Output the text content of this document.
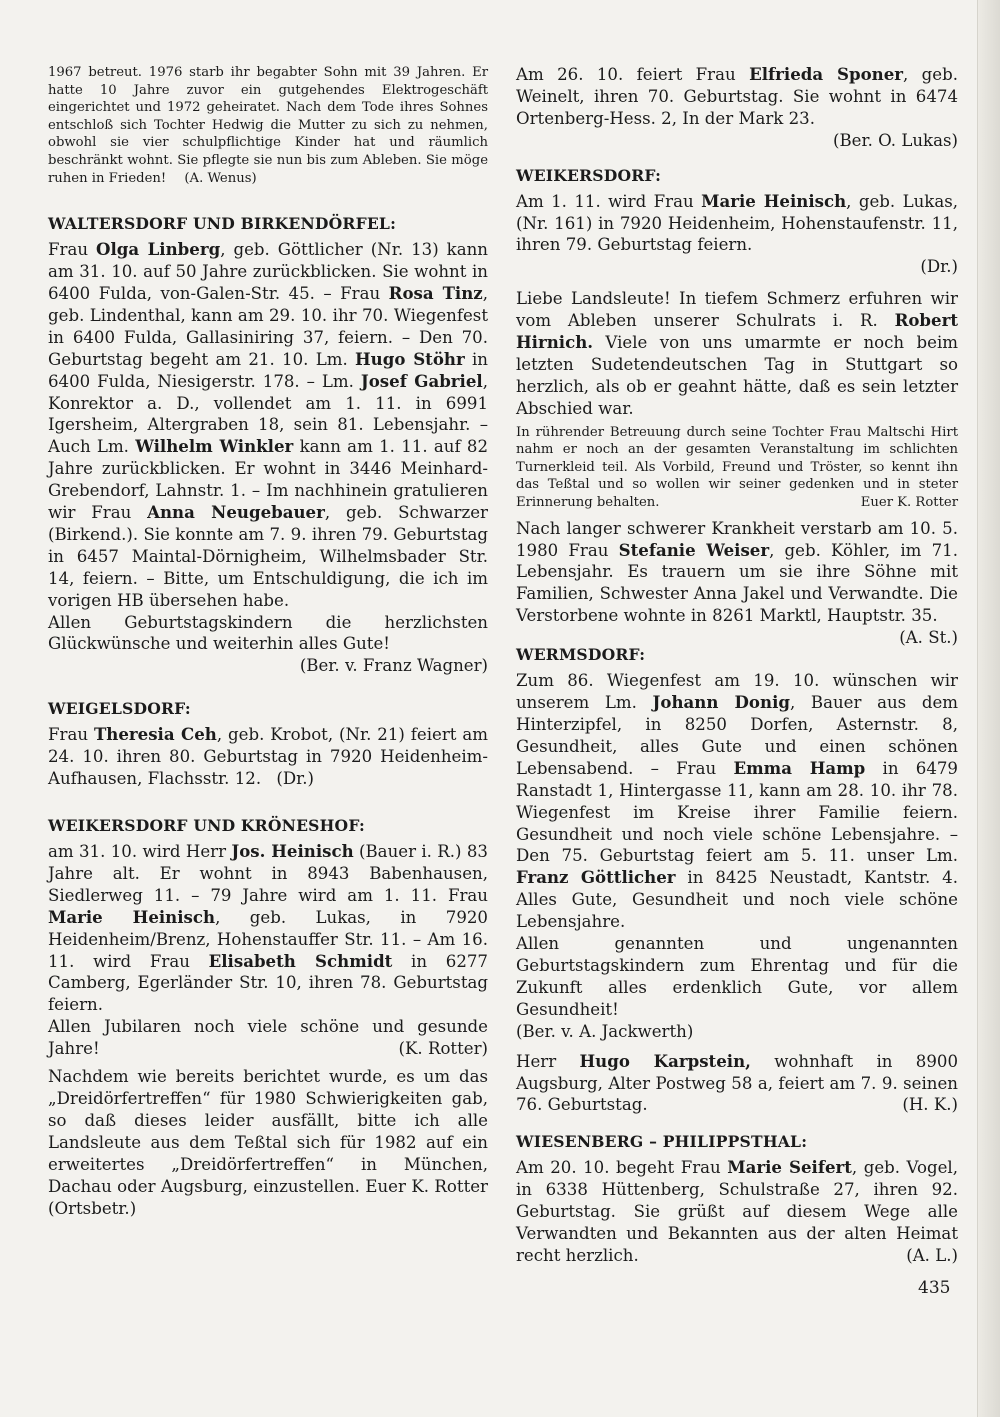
1967 betreut. 1976 starb ihr begabter Sohn mit 39 Jahren. Er hatte 10 Jahre zuvor ein gutgehendes Elektrogeschäft eingerichtet und 1972 geheiratet. Nach dem Tode ihres Sohnes entschloß sich Tochter Hedwig die Mutter zu sich zu nehmen, obwohl sie vier schulpflichtige Kinder hat und räumlich beschränkt wohnt. Sie pflegte sie nun bis zum Ableben. Sie möge ruhen in Frieden! (A. Wenus)

WALTERSDORF UND BIRKENDÖRFEL:

Frau Olga Linberg, geb. Göttlicher (Nr. 13) kann am 31. 10. auf 50 Jahre zurückblicken. Sie wohnt in 6400 Fulda, von-Galen-Str. 45. – Frau Rosa Tinz, geb. Lindenthal, kann am 29. 10. ihr 70. Wiegenfest in 6400 Fulda, Gallasiniring 37, feiern. – Den 70. Geburtstag begeht am 21. 10. Lm. Hugo Stöhr in 6400 Fulda, Niesigerstr. 178. – Lm. Josef Gabriel, Konrektor a. D., vollendet am 1. 11. in 6991 Igersheim, Altergraben 18, sein 81. Lebensjahr. – Auch Lm. Wilhelm Winkler kann am 1. 11. auf 82 Jahre zurückblicken. Er wohnt in 3446 Meinhard-Grebendorf, Lahnstr. 1. – Im nachhinein gratulieren wir Frau Anna Neugebauer, geb. Schwarzer (Birkend.). Sie konnte am 7. 9. ihren 79. Geburtstag in 6457 Maintal-Dörnigheim, Wilhelmsbader Str. 14, feiern. – Bitte, um Entschuldigung, die ich im vorigen HB übersehen habe.

Allen Geburtstagskindern die herzlichsten Glückwünsche und weiterhin alles Gute!

(Ber. v. Franz Wagner)

WEIGELSDORF:

Frau Theresia Ceh, geb. Krobot, (Nr. 21) feiert am 24. 10. ihren 80. Geburtstag in 7920 Heidenheim-Aufhausen, Flachsstr. 12. (Dr.)

WEIKERSDORF UND KRÖNESHOF:

am 31. 10. wird Herr Jos. Heinisch (Bauer i. R.) 83 Jahre alt. Er wohnt in 8943 Babenhausen, Siedlerweg 11. – 79 Jahre wird am 1. 11. Frau Marie Heinisch, geb. Lukas, in 7920 Heidenheim/Brenz, Hohenstauffer Str. 11. – Am 16. 11. wird Frau Elisabeth Schmidt in 6277 Camberg, Egerländer Str. 10, ihren 78. Geburtstag feiern.

Allen Jubilaren noch viele schöne und gesunde Jahre!	(K. Rotter)

Nachdem wie bereits berichtet wurde, es um das „Dreidörfertreffen“ für 1980 Schwierigkeiten gab, so daß dieses leider ausfällt, bitte ich alle Landsleute aus dem Teßtal sich für 1982 auf ein erweitertes „Dreidörfertreffen“ in München, Dachau oder Augsburg, einzustellen. Euer K. Rotter (Ortsbetr.)

Am 26. 10. feiert Frau Elfrieda Sponer, geb. Weinelt, ihren 70. Geburtstag. Sie wohnt in 6474 Ortenberg-Hess. 2, In der Mark 23.

(Ber. O. Lukas)

WEIKERSDORF:

Am 1. 11. wird Frau Marie Heinisch, geb. Lukas, (Nr. 161) in 7920 Heidenheim, Hohenstaufenstr. 11, ihren 79. Geburtstag feiern.

(Dr.)

Liebe Landsleute! In tiefem Schmerz erfuhren wir vom Ableben unserer Schulrats i. R. Robert Hirnich. Viele von uns umarmte er noch beim letzten Sudetendeutschen Tag in Stuttgart so herzlich, als ob er geahnt hätte, daß es sein letzter Abschied war.

In rührender Betreuung durch seine Tochter Frau Maltschi Hirt nahm er noch an der gesamten Veranstaltung im schlichten Turnerkleid teil. Als Vorbild, Freund und Tröster, so kennt ihn das Teßtal und so wollen wir seiner gedenken und in steter Erinnerung behalten.	Euer K. Rotter

Nach langer schwerer Krankheit verstarb am 10. 5. 1980 Frau Stefanie Weiser, geb. Köhler, im 71. Lebensjahr. Es trauern um sie ihre Söhne mit Familien, Schwester Anna Jakel und Verwandte. Die Verstorbene wohnte in 8261 Marktl, Hauptstr. 35.
(A. St.)

WERMSDORF:

Zum 86. Wiegenfest am 19. 10. wünschen wir unserem Lm. Johann Donig, Bauer aus dem Hinterzipfel, in 8250 Dorfen, Asternstr. 8, Gesundheit, alles Gute und einen schönen Lebensabend. – Frau Emma Hamp in 6479 Ranstadt 1, Hintergasse 11, kann am 28. 10. ihr 78. Wiegenfest im Kreise ihrer Familie feiern. Gesundheit und noch viele schöne Lebensjahre. – Den 75. Geburtstag feiert am 5. 11. unser Lm. Franz Göttlicher in 8425 Neustadt, Kantstr. 4. Alles Gute, Gesundheit und noch viele schöne Lebensjahre.

Allen genannten und ungenannten Geburtstagskindern zum Ehrentag und für die Zukunft alles erdenklich Gute, vor allem Gesundheit!

(Ber. v. A. Jackwerth)

Herr Hugo Karpstein, wohnhaft in 8900 Augsburg, Alter Postweg 58 a, feiert am 7. 9. seinen 76. Geburtstag.	(H. K.)

WIESENBERG – PHILIPPSTHAL:

Am 20. 10. begeht Frau Marie Seifert, geb. Vogel, in 6338 Hüttenberg, Schulstraße 27, ihren 92. Geburtstag. Sie grüßt auf diesem Wege alle Verwandten und Bekannten aus der alten Heimat recht herzlich.	(A. L.)

435
